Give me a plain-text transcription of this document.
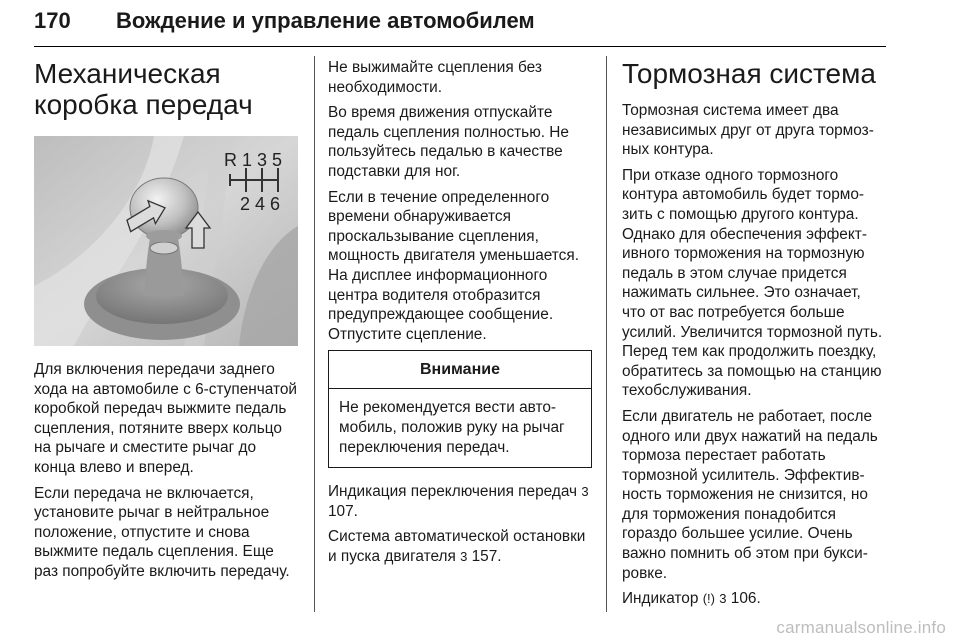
170 Вождение и управление автомобилем
Механическая коробка передач
R 1 3 5
2 4 6

Для включения передачи заднего хода на автомобиле с 6-ступенчатой коробкой передач выжмите педаль сцепления, потяните вверх кольцо на рычаге и сместите рычаг до конца влево и вперед.

Если передача не включается, установите рычаг в нейтральное положение, отпустите и снова выжмите педаль сцепления. Еще раз попробуйте включить передачу.

Не выжимайте сцепления без необходимости.

Во время движения отпускайте педаль сцепления полностью. Не пользуйтесь педалью в качестве подставки для ног.

Если в течение определенного времени обнаруживается проскальзывание сцепления, мощность двигателя уменьшается. На дисплее информационного центра водителя отобразится предупреждающее сообщение. Отпустите сцепление.

Внимание
Не рекомендуется вести автомобиль, положив руку на рычаг переключения передач.

Индикация переключения передач 3 107.

Система автоматической остановки и пуска двигателя 3 157.

Тормозная система

Тормозная система имеет два независимых друг от друга тормозных контура.

При отказе одного тормозного контура автомобиль будет тормозить с помощью другого контура. Однако для обеспечения эффективного торможения на тормозную педаль в этом случае придется нажимать сильнее. Это означает, что от вас потребуется больше усилий. Увеличится тормозной путь. Перед тем как продолжить поездку, обратитесь за помощью на станцию техобслуживания.

Если двигатель не работает, после одного или двух нажатий на педаль тормоза перестает работать тормозной усилитель. Эффективность торможения не снизится, но для торможения понадобится гораздо большее усилие. Очень важно помнить об этом при буксировке.

Индикатор (!) 3 106.

carmanualsonline.info
